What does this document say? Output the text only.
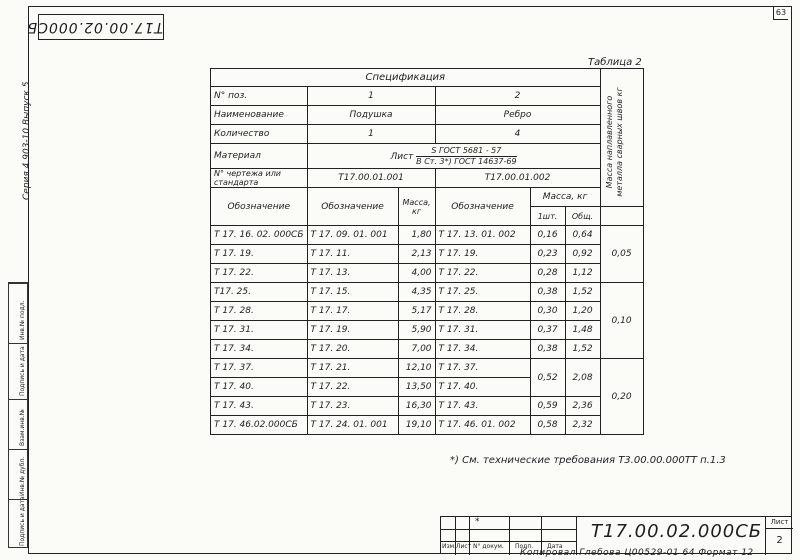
63
Т17.00.02.000СБ
Серия 4.903-10 Выпуск 5
Инв.№ подл.
Подпись и дата
Взам.инв.№
Инв.№ дубл.
Подпись и дата
Таблица 2
Спецификация						Масса наплавленного металла сварных швов кг

N° поз.	1		2			
Наименование	Подушка		Ребро			
Количество	1		4			
Материал	Лист $\frac{\text{S ГОСТ 5681 - 57}}{\text{В Ст. 3*) ГОСТ 14637-69}}$

N° чертежа или стандарта	Т17.00.01.001		Т17.00.01.002			
Обозначение	Обозначение	Масса, кг	Обозначение	Масса, кг		
				1шт.	Общ.	
Т 17. 16. 02. 000СБ	Т 17. 09. 01. 001	1,80	Т 17. 13. 01. 002	0,16	0,64	0,05
Т 17. 19.	Т 17. 11.	2,13	Т 17. 19.	0,23	0,92	
Т 17. 22.	Т 17. 13.	4,00	Т 17. 22.	0,28	1,12	
Т17. 25.	Т 17. 15.	4,35	Т 17. 25.	0,38	1,52	0,10
Т 17. 28.	Т 17. 17.	5,17	Т 17. 28.	0,30	1,20	
Т 17. 31.	Т 17. 19.	5,90	Т 17. 31.	0,37	1,48	
Т 17. 34.	Т 17. 20.	7,00	Т 17. 34.	0,38	1,52	
Т 17. 37.	Т 17. 21.	12,10	Т 17. 37.	0,52	2,08	0,20
Т 17. 40.	Т 17. 22.	13,50	Т 17. 40.			
Т 17. 43.	Т 17. 23.	16,30	Т 17. 43.	0,59	2,36	
Т 17. 46.02.000СБ	Т 17. 24. 01. 001	19,10	Т 17. 46. 01. 002	0,58	2,32	
*) См. технические требования Т3.00.00.000ТТ п.1.3
Изм. Лист N° докум. Подп. Дата
*	Т17.00.02.000СБ	Лист
2
Копировал Глебова Ц00529-01 64 Формат 12
